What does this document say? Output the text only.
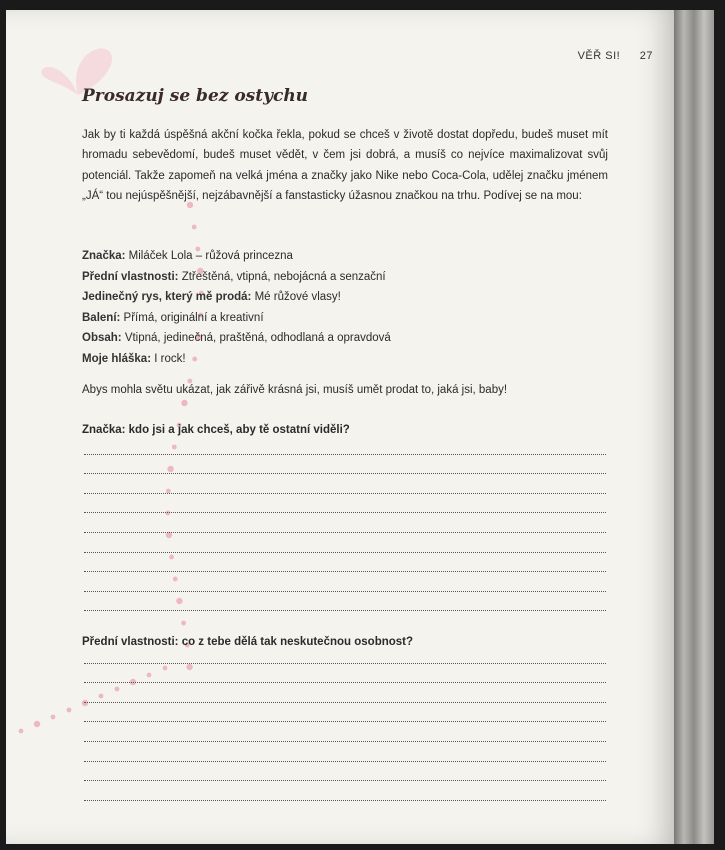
VĚŘ SI! 27
Prosazuj se bez ostychu
Jak by ti každá úspěšná akční kočka řekla, pokud se chceš v životě dostat dopředu, budeš muset mít hromadu sebevědomí, budeš muset vědět, v čem jsi dobrá, a musíš co nejvíce maximalizovat svůj potenciál. Takže zapomeň na velká jména a značky jako Nike nebo Coca-Cola, udělej značku jménem „JÁ“ tou nejúspěšnější, nejzábavnější a fanstasticky úžasnou značkou na trhu. Podívej se na mou:
Značka: Miláček Lola – růžová princezna
Přední vlastnosti: Ztřeštěná, vtipná, nebojácná a senzační
Jedinečný rys, který mě prodá: Mé růžové vlasy!
Balení: Přímá, originální a kreativní
Obsah: Vtipná, jedinečná, praštěná, odhodlaná a opravdová
Moje hláška: I rock!
Abys mohla světu ukázat, jak zářivě krásná jsi, musíš umět prodat to, jaká jsi, baby!
Značka: kdo jsi a jak chceš, aby tě ostatní viděli?
Přední vlastnosti: co z tebe dělá tak neskutečnou osobnost?
